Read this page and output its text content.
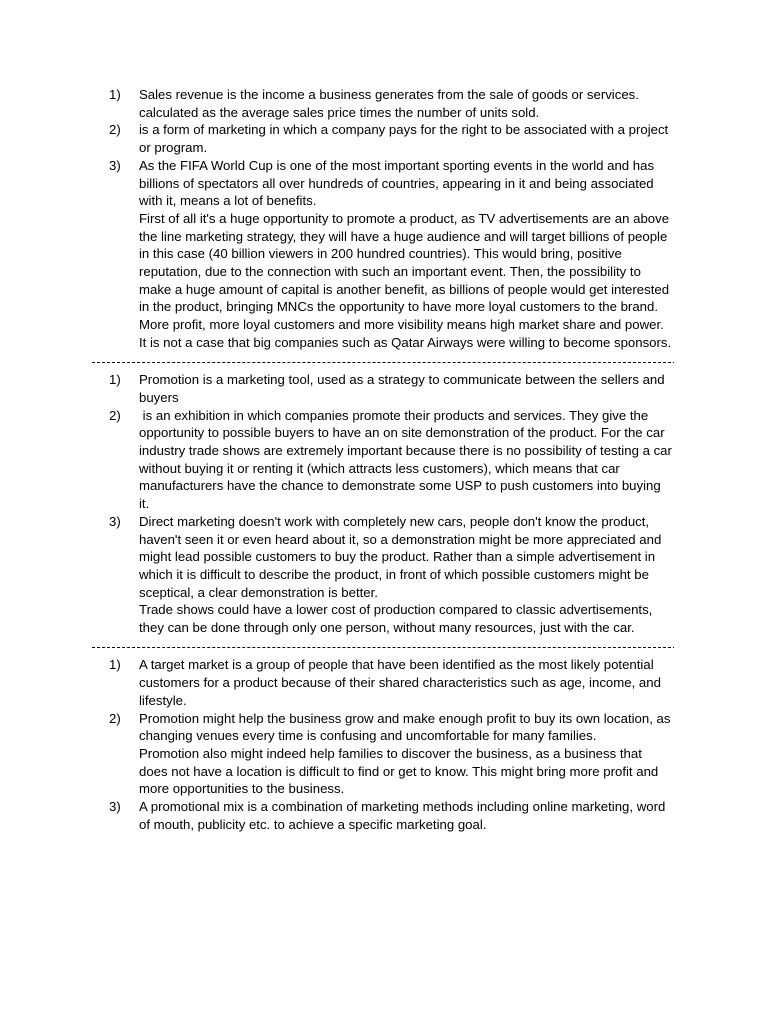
1)	Sales revenue is the income a business generates from the sale of goods or services. calculated as the average sales price times the number of units sold.

2)	is a form of marketing in which a company pays for the right to be associated with a project or program.

3)	As the FIFA World Cup is one of the most important sporting events in the world and has billions of spectators all over hundreds of countries, appearing in it and being associated with it, means a lot of benefits.

First of all it's a huge opportunity to promote a product, as TV advertisements are an above the line marketing strategy, they will have a huge audience and will target billions of people in this case (40 billion viewers in 200 hundred countries). This would bring, positive reputation, due to the connection with such an important event. Then, the possibility to make a huge amount of capital is another benefit, as billions of people would get interested in the product, bringing MNCs the opportunity to have more loyal customers to the brand.

More profit, more loyal customers and more visibility means high market share and power. It is not a case that big companies such as Qatar Airways were willing to become sponsors.

1)	Promotion is a marketing tool, used as a strategy to communicate between the sellers and buyers

2)	is an exhibition in which companies promote their products and services. They give the opportunity to possible buyers to have an on site demonstration of the product. For the car industry trade shows are extremely important because there is no possibility of testing a car without buying it or renting it (which attracts less customers), which means that car manufacturers have the chance to demonstrate some USP to push customers into buying it.

3)	Direct marketing doesn't work with completely new cars, people don't know the product, haven't seen it or even heard about it, so a demonstration might be more appreciated and might lead possible customers to buy the product. Rather than a simple advertisement in which it is difficult to describe the product, in front of which possible customers might be sceptical, a clear demonstration is better.

Trade shows could have a lower cost of production compared to classic advertisements, they can be done through only one person, without many resources, just with the car.

1)	A target market is a group of people that have been identified as the most likely potential customers for a product because of their shared characteristics such as age, income, and lifestyle.

2)	Promotion might help the business grow and make enough profit to buy its own location, as changing venues every time is confusing and uncomfortable for many families.

Promotion also might indeed help families to discover the business, as a business that does not have a location is difficult to find or get to know. This might bring more profit and more opportunities to the business.

3)	A promotional mix is a combination of marketing methods including online marketing, word of mouth, publicity etc. to achieve a specific marketing goal.
